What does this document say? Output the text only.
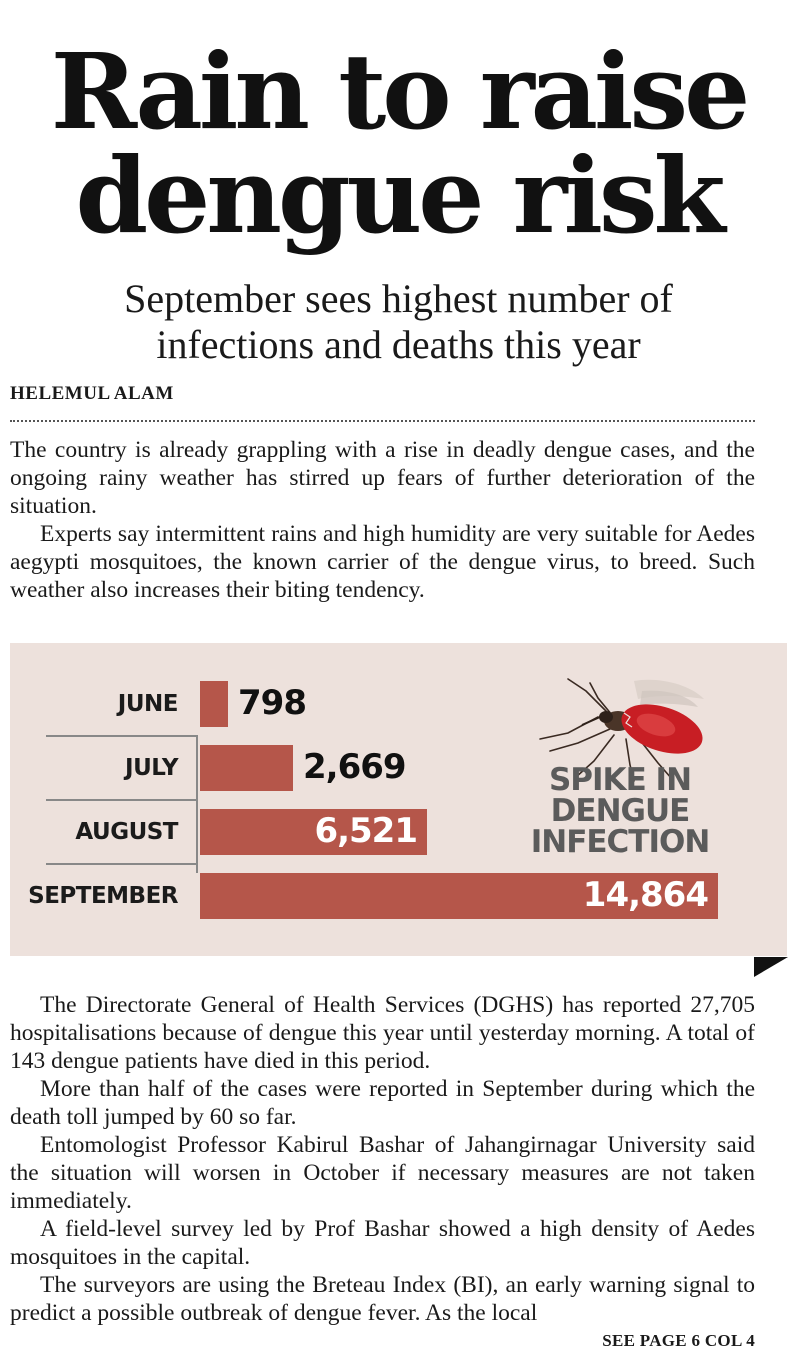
Rain to raise
dengue risk
September sees highest number of
infections and deaths this year
HELEMUL ALAM

The country is already grappling with a rise in deadly dengue cases, and the ongoing rainy weather has stirred up fears of further deterioration of the situation.

Experts say intermittent rains and high humidity are very suitable for Aedes aegypti mosquitoes, the known carrier of the dengue virus, to breed. Such weather also increases their biting tendency.

SPIKE IN
DENGUE
INFECTION
JUNE 798
JULY	2,669
AUGUST	6,521
SEPTEMBER	14,864

The Directorate General of Health Services (DGHS) has reported 27,705 hospitalisations because of dengue this year until yesterday morning. A total of 143 dengue patients have died in this period.

More than half of the cases were reported in September during which the death toll jumped by 60 so far.

Entomologist Professor Kabirul Bashar of Jahangirnagar University said the situation will worsen in October if necessary measures are not taken immediately.

A field-level survey led by Prof Bashar showed a high density of Aedes mosquitoes in the capital.

The surveyors are using the Breteau Index (BI), an early warning signal to predict a possible outbreak of dengue fever. As the local

SEE PAGE 6 COL 4
